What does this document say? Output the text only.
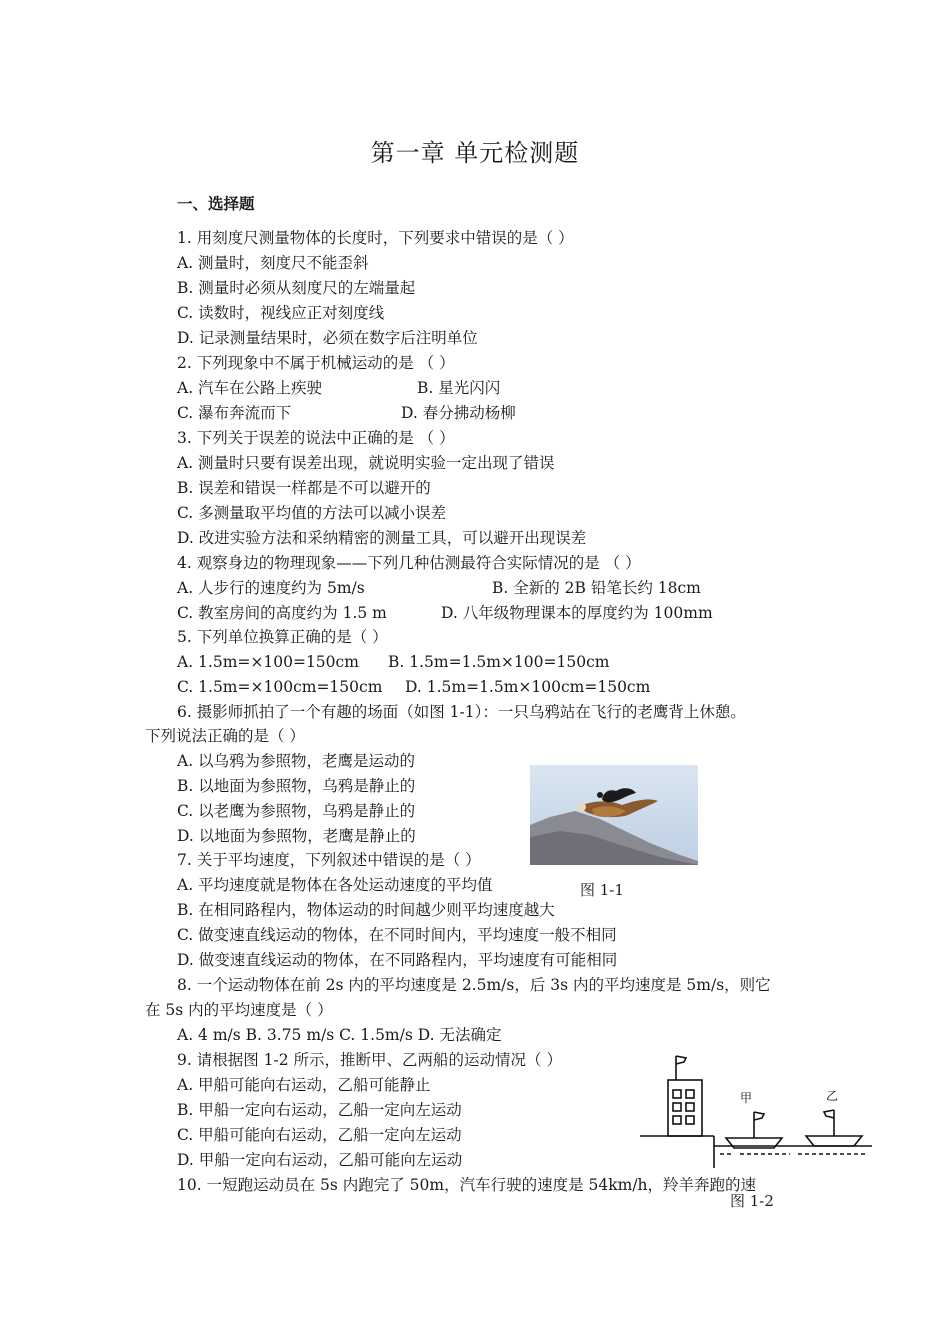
第一章 单元检测题
一、选择题
1. 用刻度尺测量物体的长度时，下列要求中错误的是（ ）
A. 测量时，刻度尺不能歪斜
B. 测量时必须从刻度尺的左端量起
C. 读数时，视线应正对刻度线
D. 记录测量结果时，必须在数字后注明单位
2. 下列现象中不属于机械运动的是 （ ）
A. 汽车在公路上疾驶	B. 星光闪闪
C. 瀑布奔流而下	D. 春分拂动杨柳
3. 下列关于误差的说法中正确的是 （ ）
A. 测量时只要有误差出现，就说明实验一定出现了错误
B. 误差和错误一样都是不可以避开的
C. 多测量取平均值的方法可以减小误差
D. 改进实验方法和采纳精密的测量工具，可以避开出现误差
4. 观察身边的物理现象——下列几种估测最符合实际情况的是 （ ）
A. 人步行的速度约为 5m/s	B. 全新的 2B 铅笔长约 18cm
C. 教室房间的高度约为 1.5 m	D. 八年级物理课本的厚度约为 100mm
5. 下列单位换算正确的是（ ）
A. 1.5m=×100=150cm B. 1.5m=1.5m×100=150cm
C. 1.5m=×100cm=150cm D. 1.5m=1.5m×100cm=150cm
6. 摄影师抓拍了一个有趣的场面（如图 1-1）：一只乌鸦站在飞行的老鹰背上休憩。
下列说法正确的是（ ）
A. 以乌鸦为参照物，老鹰是运动的
B. 以地面为参照物，乌鸦是静止的
C. 以老鹰为参照物，乌鸦是静止的
D. 以地面为参照物，老鹰是静止的
图 1-1
7. 关于平均速度，下列叙述中错误的是（ ）
A. 平均速度就是物体在各处运动速度的平均值
B. 在相同路程内，物体运动的时间越少则平均速度越大
C. 做变速直线运动的物体，在不同时间内，平均速度一般不相同
D. 做变速直线运动的物体，在不同路程内，平均速度有可能相同
8. 一个运动物体在前 2s 内的平均速度是 2.5m/s，后 3s 内的平均速度是 5m/s，则它
在 5s 内的平均速度是（ ）
A. 4 m/s B. 3.75 m/s C. 1.5m/s D. 无法确定
9. 请根据图 1-2 所示，推断甲、乙两船的运动情况（ ）
A. 甲船可能向右运动，乙船可能静止
B. 甲船一定向右运动，乙船一定向左运动
C. 甲船可能向右运动，乙船一定向左运动
D. 甲船一定向右运动，乙船可能向左运动
甲	乙
图 1-2
10. 一短跑运动员在 5s 内跑完了 50m，汽车行驶的速度是 54km/h，羚羊奔跑的速
